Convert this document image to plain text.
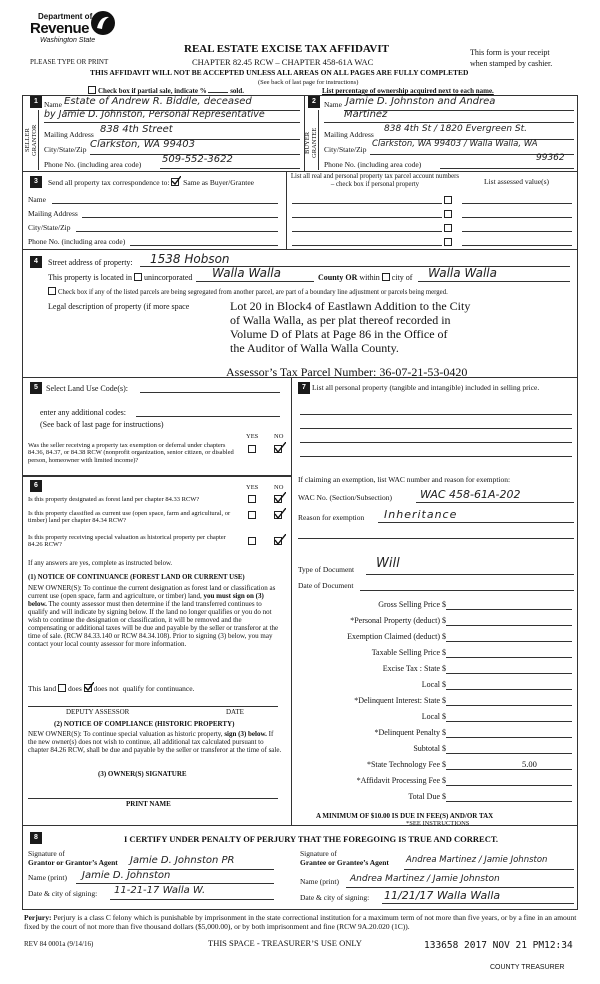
Department of
Revenue
Washington State
PLEASE TYPE OR PRINT
REAL ESTATE EXCISE TAX AFFIDAVIT
CHAPTER 82.45 RCW – CHAPTER 458-61A WAC
This form is your receipt
when stamped by cashier.
THIS AFFIDAVIT WILL NOT BE ACCEPTED UNLESS ALL AREAS ON ALL PAGES ARE FULLY COMPLETED
(See back of last page for instructions)
Check box if partial sale, indicate %	sold.	List percentage of ownership acquired next to each name.
1
SELLER GRANTOR
Name Estate of Andrew R. Biddle, deceased
by Jamie D. Johnston, Personal Representative
Mailing Address 838 4th Street
City/State/Zip Clarkston, WA 99403
Phone No. (including area code) 509-552-3622
2
BUYER GRANTEE
Name Jamie D. Johnston and Andrea
Martinez
Mailing Address
838 4th St / 1820 Evergreen St.
City/State/Zip
Clarkston, WA 99403 / Walla Walla, WA
99362
Phone No. (including area code)
3	Send all property tax correspondence to: Same as Buyer/Grantee
List all real and personal property tax parcel account numbers – check box if personal property	List assessed value(s)
Name
Mailing Address
City/State/Zip
Phone No. (including area code)
4	Street address of property: 1538 Hobson
This property is located in unincorporated Walla Walla	County OR within city of Walla Walla
Check box if any of the listed parcels are being segregated from another parcel, are part of a boundary line adjustment or parcels being merged.
Legal description of property (if more space	Lot 20 in Block4 of Eastlawn Addition to the City
of Walla Walla, as per plat thereof recorded in
Volume D of Plats at Page 86 in the Office of
the Auditor of Walla Walla County.
Assessor’s Tax Parcel Number: 36-07-21-53-0420
5	Select Land Use Code(s):
enter any additional codes:
(See back of last page for instructions)
YES NO
Was the seller receiving a property tax exemption or deferral under chapters 84.36, 84.37, or 84.38 RCW (nonprofit organization, senior citizen, or disabled person, homeowner with limited income)?
6	YES NO
Is this property designated as forest land per chapter 84.33 RCW?
Is this property classified as current use (open space, farm and agricultural, or timber) land per chapter 84.34 RCW?
Is this property receiving special valuation as historical property per chapter 84.26 RCW?
If any answers are yes, complete as instructed below.
(1) NOTICE OF CONTINUANCE (FOREST LAND OR CURRENT USE)
NEW OWNER(S): To continue the current designation as forest land or classification as current use (open space, farm and agriculture, or timber) land, you must sign on (3) below. The county assessor must then determine if the land transferred continues to qualify and will indicate by signing below. If the land no longer qualifies or you do not wish to continue the designation or classification, it will be removed and the compensating or additional taxes will be due and payable by the seller or transferor at the time of sale. (RCW 84.33.140 or RCW 84.34.108). Prior to signing (3) below, you may contact your local county assessor for more information.
This land does does not qualify for continuance.
DEPUTY ASSESSOR	DATE
(2) NOTICE OF COMPLIANCE (HISTORIC PROPERTY)
NEW OWNER(S): To continue special valuation as historic property, sign (3) below. If the new owner(s) does not wish to continue, all additional tax calculated pursuant to chapter 84.26 RCW, shall be due and payable by the seller or transferor at the time of sale.
(3) OWNER(S) SIGNATURE
PRINT NAME
7 List all personal property (tangible and intangible) included in selling price.
If claiming an exemption, list WAC number and reason for exemption:
WAC No. (Section/Subsection)	WAC 458-61A-202
Reason for exemption Inheritance
Type of Document Will
Date of Document
Gross Selling Price $
*Personal Property (deduct) $
Exemption Claimed (deduct) $
Taxable Selling Price $
Excise Tax : State $
Local $
*Delinquent Interest: State $
Local $
*Delinquent Penalty $
Subtotal $
*State Technology Fee $	5.00
*Affidavit Processing Fee $
Total Due $
A MINIMUM OF $10.00 IS DUE IN FEE(S) AND/OR TAX
*SEE INSTRUCTIONS
8	I CERTIFY UNDER PENALTY OF PERJURY THAT THE FOREGOING IS TRUE AND CORRECT.
Signature of
Grantor or Grantor’s Agent Jamie D. Johnston PR
Name (print) Jamie D. Johnston
Date & city of signing: 11-21-17 Walla W.
Signature of
Grantee or Grantee’s Agent Andrea Martinez / Jamie Johnston
Name (print) Andrea Martinez / Jamie Johnston
Date & city of signing: 11/21/17 Walla Walla
Perjury: Perjury is a class C felony which is punishable by imprisonment in the state correctional institution for a maximum term of not more than five years, or by a fine in an amount fixed by the court of not more than five thousand dollars ($5,000.00), or by both imprisonment and fine (RCW 9A.20.020 (1C)).
REV 84 0001a (9/14/16)	THIS SPACE - TREASURER’S USE ONLY	133658 2017 NOV 21 PM12:34
COUNTY TREASURER
